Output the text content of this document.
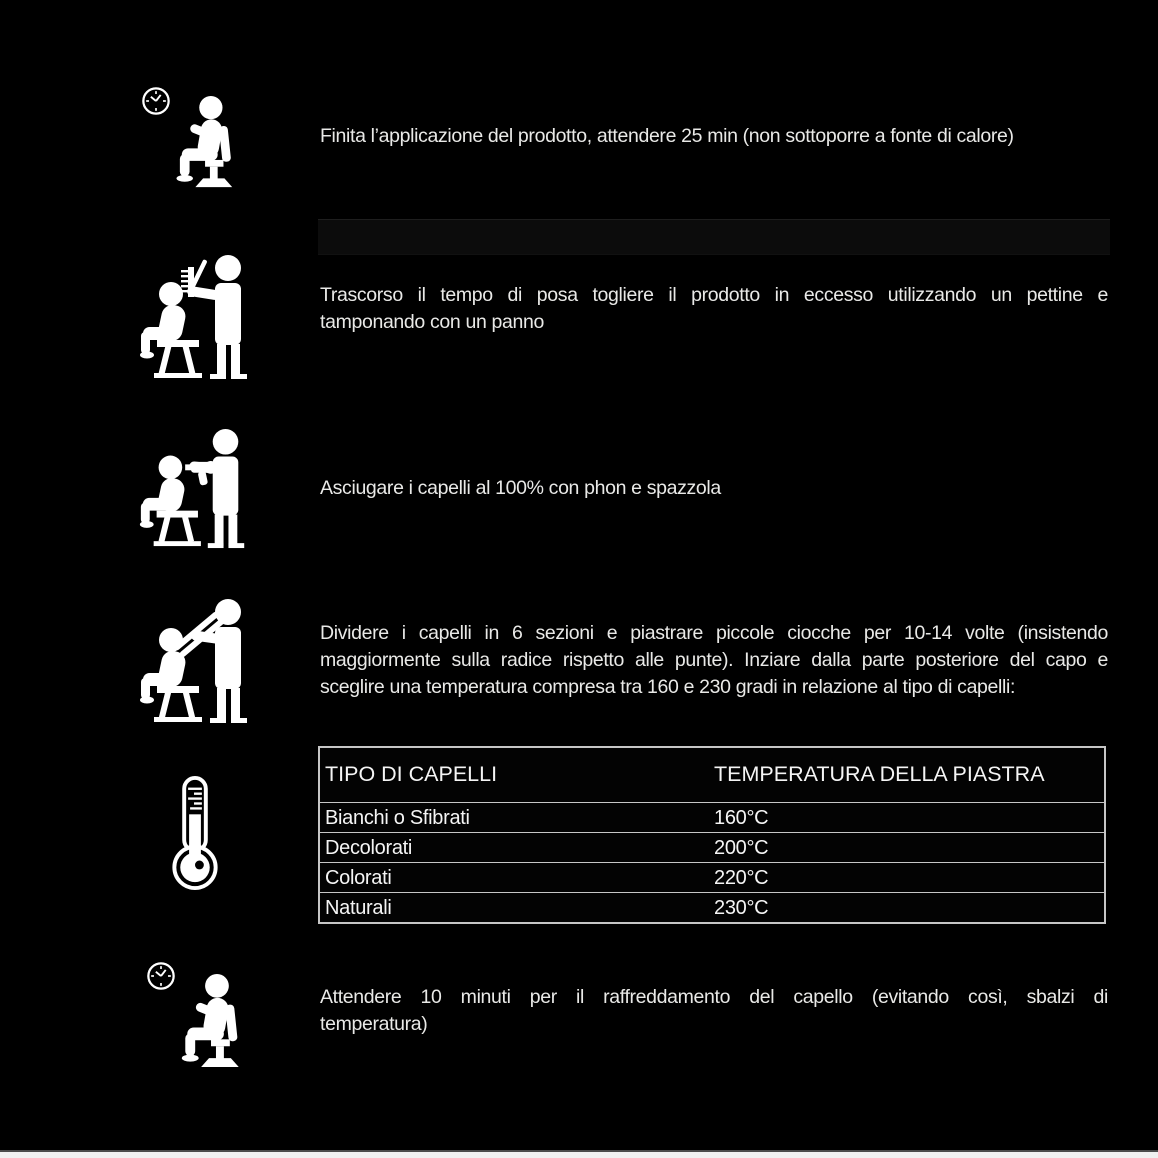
Finita l’applicazione del prodotto, attendere 25 min (non sottoporre a fonte di calore)
Trascorso il tempo di posa togliere il prodotto in eccesso utilizzando un pettine e
tamponando con un panno
Asciugare i capelli al 100% con phon e spazzola
Dividere i capelli in 6 sezioni e piastrare piccole ciocche per 10-14 volte (insistendo
maggiormente sulla radice rispetto alle punte). Inziare dalla parte posteriore del capo e
sceglire una temperatura compresa tra 160 e 230 gradi in relazione al tipo di capelli:
TIPO DI CAPELLI	TEMPERATURA DELLA PIASTRA
Bianchi o Sfibrati	160°C
Decolorati	200°C
Colorati	220°C
Naturali	230°C
Attendere 10 minuti per il raffreddamento del capello (evitando così, sbalzi di
temperatura)
